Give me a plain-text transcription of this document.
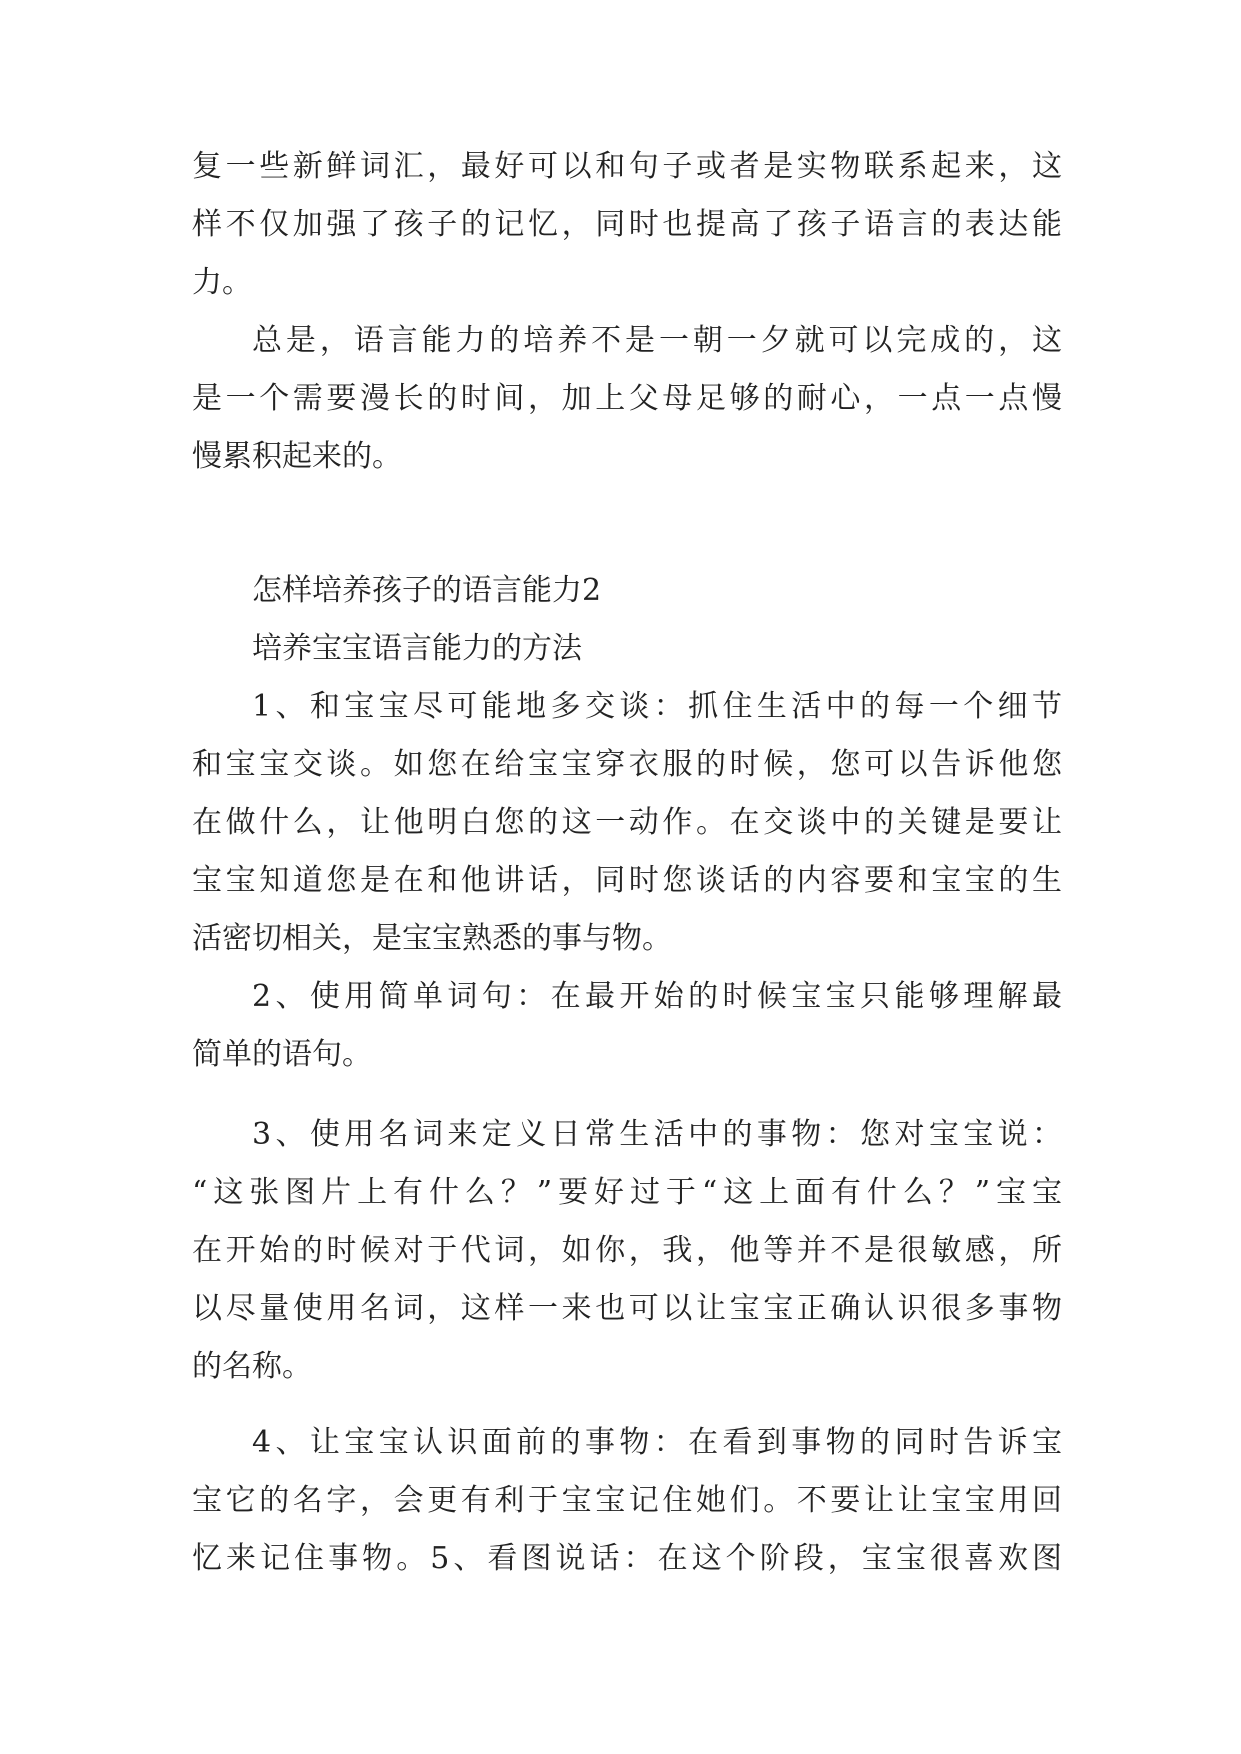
复一些新鲜词汇，最好可以和句子或者是实物联系起来，这
样不仅加强了孩子的记忆，同时也提高了孩子语言的表达能
力。
总是，语言能力的培养不是一朝一夕就可以完成的，这
是一个需要漫长的时间，加上父母足够的耐心，一点一点慢
慢累积起来的。
怎样培养孩子的语言能力2
培养宝宝语言能力的方法
1、和宝宝尽可能地多交谈：抓住生活中的每一个细节
和宝宝交谈。如您在给宝宝穿衣服的时候，您可以告诉他您
在做什么，让他明白您的这一动作。在交谈中的关键是要让
宝宝知道您是在和他讲话，同时您谈话的内容要和宝宝的生
活密切相关，是宝宝熟悉的事与物。
2、使用简单词句：在最开始的时候宝宝只能够理解最
简单的语句。
3、使用名词来定义日常生活中的事物：您对宝宝说：
“这张图片上有什么？”要好过于“这上面有什么？”宝宝
在开始的时候对于代词，如你，我，他等并不是很敏感，所
以尽量使用名词，这样一来也可以让宝宝正确认识很多事物
的名称。
4、让宝宝认识面前的事物：在看到事物的同时告诉宝
宝它的名字，会更有利于宝宝记住她们。不要让让宝宝用回
忆来记住事物。5、看图说话：在这个阶段，宝宝很喜欢图
